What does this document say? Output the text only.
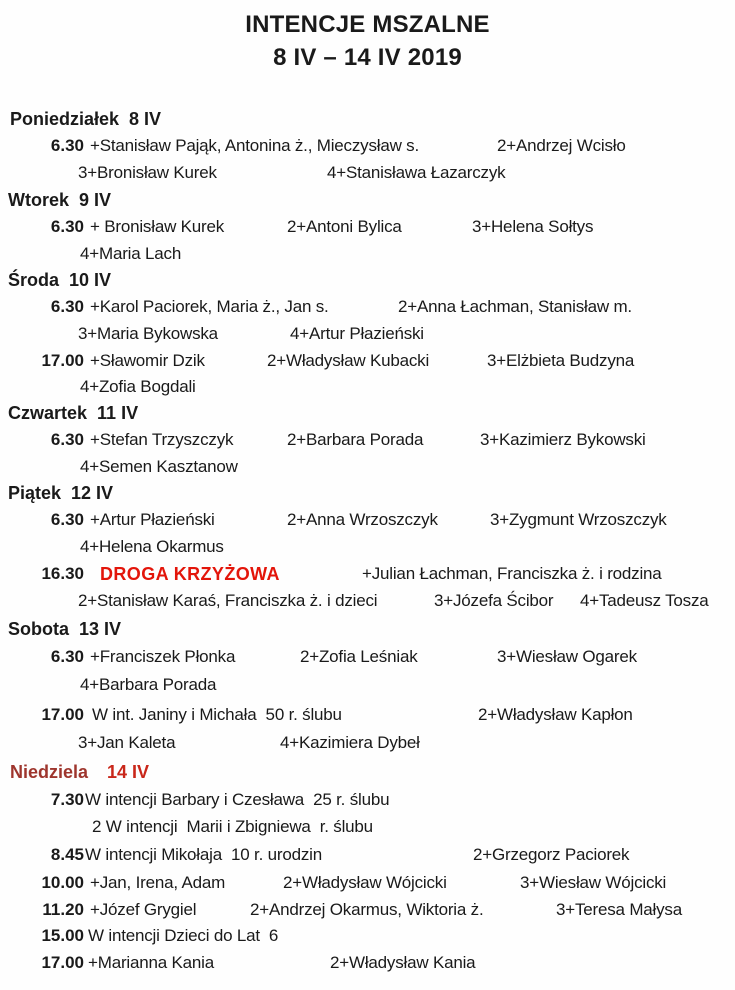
INTENCJE MSZALNE
8 IV – 14 IV 2019
Poniedziałek  8 IV
6.30 +Stanisław Pająk, Antonina ż., Mieczysław s.	2+Andrzej Wcisło
3+Bronisław Kurek	4+Stanisława Łazarczyk
Wtorek  9 IV
6.30 + Bronisław Kurek	2+Antoni Bylica	3+Helena Sołtys
4+Maria Lach
Środa  10 IV
6.30 +Karol Paciorek, Maria ż., Jan s.	2+Anna Łachman, Stanisław m.
3+Maria Bykowska	4+Artur Płazieński
17.00 +Sławomir Dzik	2+Władysław Kubacki	3+Elżbieta Budzyna
4+Zofia Bogdali
Czwartek  11 IV
6.30 +Stefan Trzyszczyk	2+Barbara Porada	3+Kazimierz Bykowski
4+Semen Kasztanow
Piątek  12 IV
6.30 +Artur Płazieński	2+Anna Wrzoszczyk	3+Zygmunt Wrzoszczyk
4+Helena Okarmus
16.30 DROGA KRZYŻOWA	+Julian Łachman, Franciszka ż. i rodzina
2+Stanisław Karaś, Franciszka ż. i dzieci	3+Józefa Ścibor 4+Tadeusz Tosza
Sobota  13 IV
6.30 +Franciszek Płonka	2+Zofia Leśniak	3+Wiesław Ogarek
4+Barbara Porada
17.00 W int. Janiny i Michała  50 r. ślubu	2+Władysław Kapłon
3+Jan Kaleta	4+Kazimiera Dybeł
Niedziela 14 IV
7.30 W intencji Barbary i Czesława  25 r. ślubu
2 W intencji  Marii i Zbigniewa  r. ślubu
8.45 W intencji Mikołaja  10 r. urodzin	2+Grzegorz Paciorek
10.00 +Jan, Irena, Adam	2+Władysław Wójcicki	3+Wiesław Wójcicki
11.20 +Józef Grygiel	2+Andrzej Okarmus, Wiktoria ż.	3+Teresa Małysa
15.00 W intencji Dzieci do Lat  6
17.00 +Marianna Kania	2+Władysław Kania
